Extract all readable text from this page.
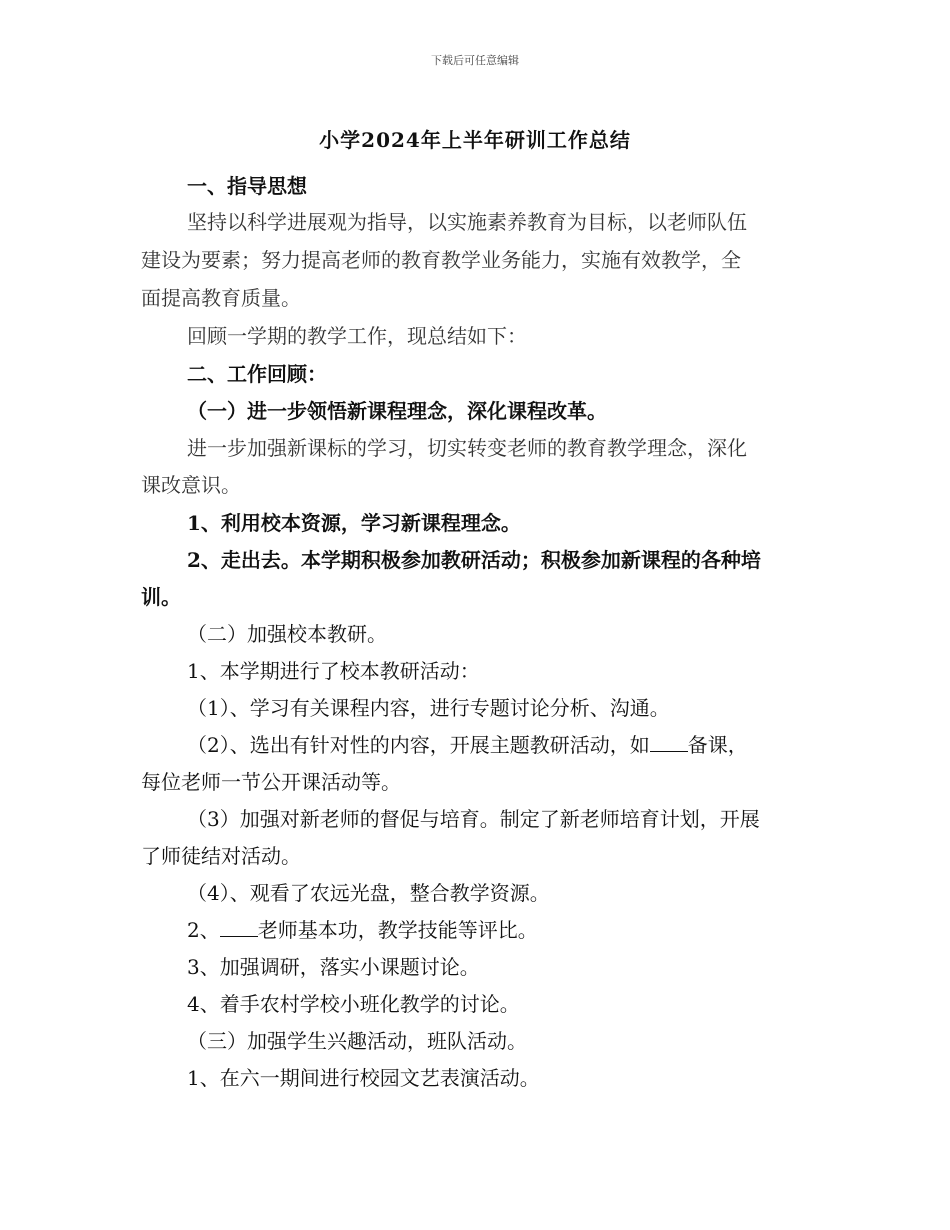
下载后可任意编辑
小学2024年上半年研训工作总结
一、指导思想
坚持以科学进展观为指导，以实施素养教育为目标，以老师队伍
建设为要素；努力提高老师的教育教学业务能力，实施有效教学，全
面提高教育质量。
回顾一学期的教学工作，现总结如下：
二、工作回顾：
（一）进一步领悟新课程理念，深化课程改革。
进一步加强新课标的学习，切实转变老师的教育教学理念，深化
课改意识。
1、利用校本资源，学习新课程理念。
2、走出去。本学期积极参加教研活动；积极参加新课程的各种培
训。
（二）加强校本教研。
1、本学期进行了校本教研活动：
（1）、学习有关课程内容，进行专题讨论分析、沟通。
（2）、选出有针对性的内容，开展主题教研活动，如 备课，
每位老师一节公开课活动等。
（3）加强对新老师的督促与培育。制定了新老师培育计划，开展
了师徒结对活动。
（4）、观看了农远光盘，整合教学资源。
2、 老师基本功，教学技能等评比。
3、加强调研，落实小课题讨论。
4、着手农村学校小班化教学的讨论。
（三）加强学生兴趣活动，班队活动。
1、在六一期间进行校园文艺表演活动。
